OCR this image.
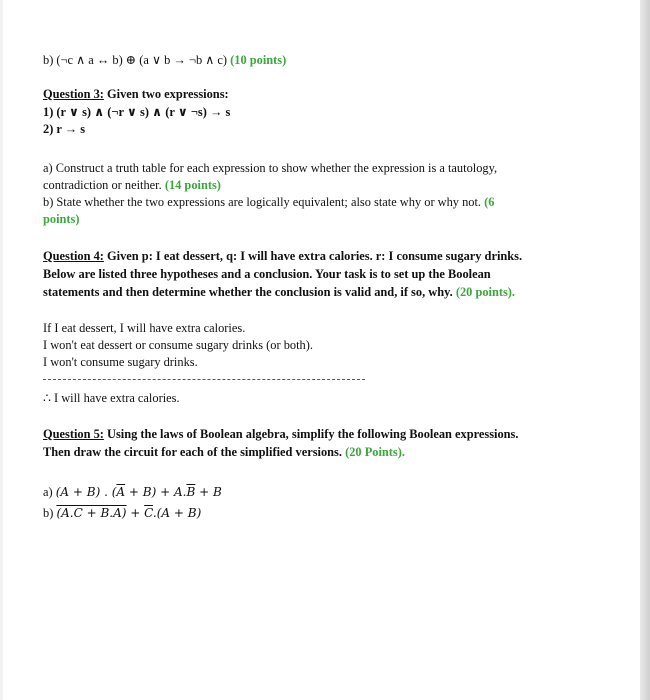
b) (¬c ∧ a ↔ b) ⊕ (a ∨ b → ¬b ∧ c) (10 points)
Question 3: Given two expressions:
1) (r ∨ s) ∧ (¬r ∨ s) ∧ (r ∨ ¬s) → s
2) r → s
a) Construct a truth table for each expression to show whether the expression is a tautology,
contradiction or neither. (14 points)
b) State whether the two expressions are logically equivalent; also state why or why not. (6
points)
Question 4: Given p: I eat dessert, q: I will have extra calories. r: I consume sugary drinks.
Below are listed three hypotheses and a conclusion. Your task is to set up the Boolean
statements and then determine whether the conclusion is valid and, if so, why. (20 points).
If I eat dessert, I will have extra calories.
I won't eat dessert or consume sugary drinks (or both).
I won't consume sugary drinks.
∴ I will have extra calories.
Question 5: Using the laws of Boolean algebra, simplify the following Boolean expressions.
Then draw the circuit for each of the simplified versions. (20 Points).
a) (A + B) . $(\overline{A} + B) + A.\overline{B} + B$
b) $(A.C + B.A) + \overline{C}.(A + B)$
